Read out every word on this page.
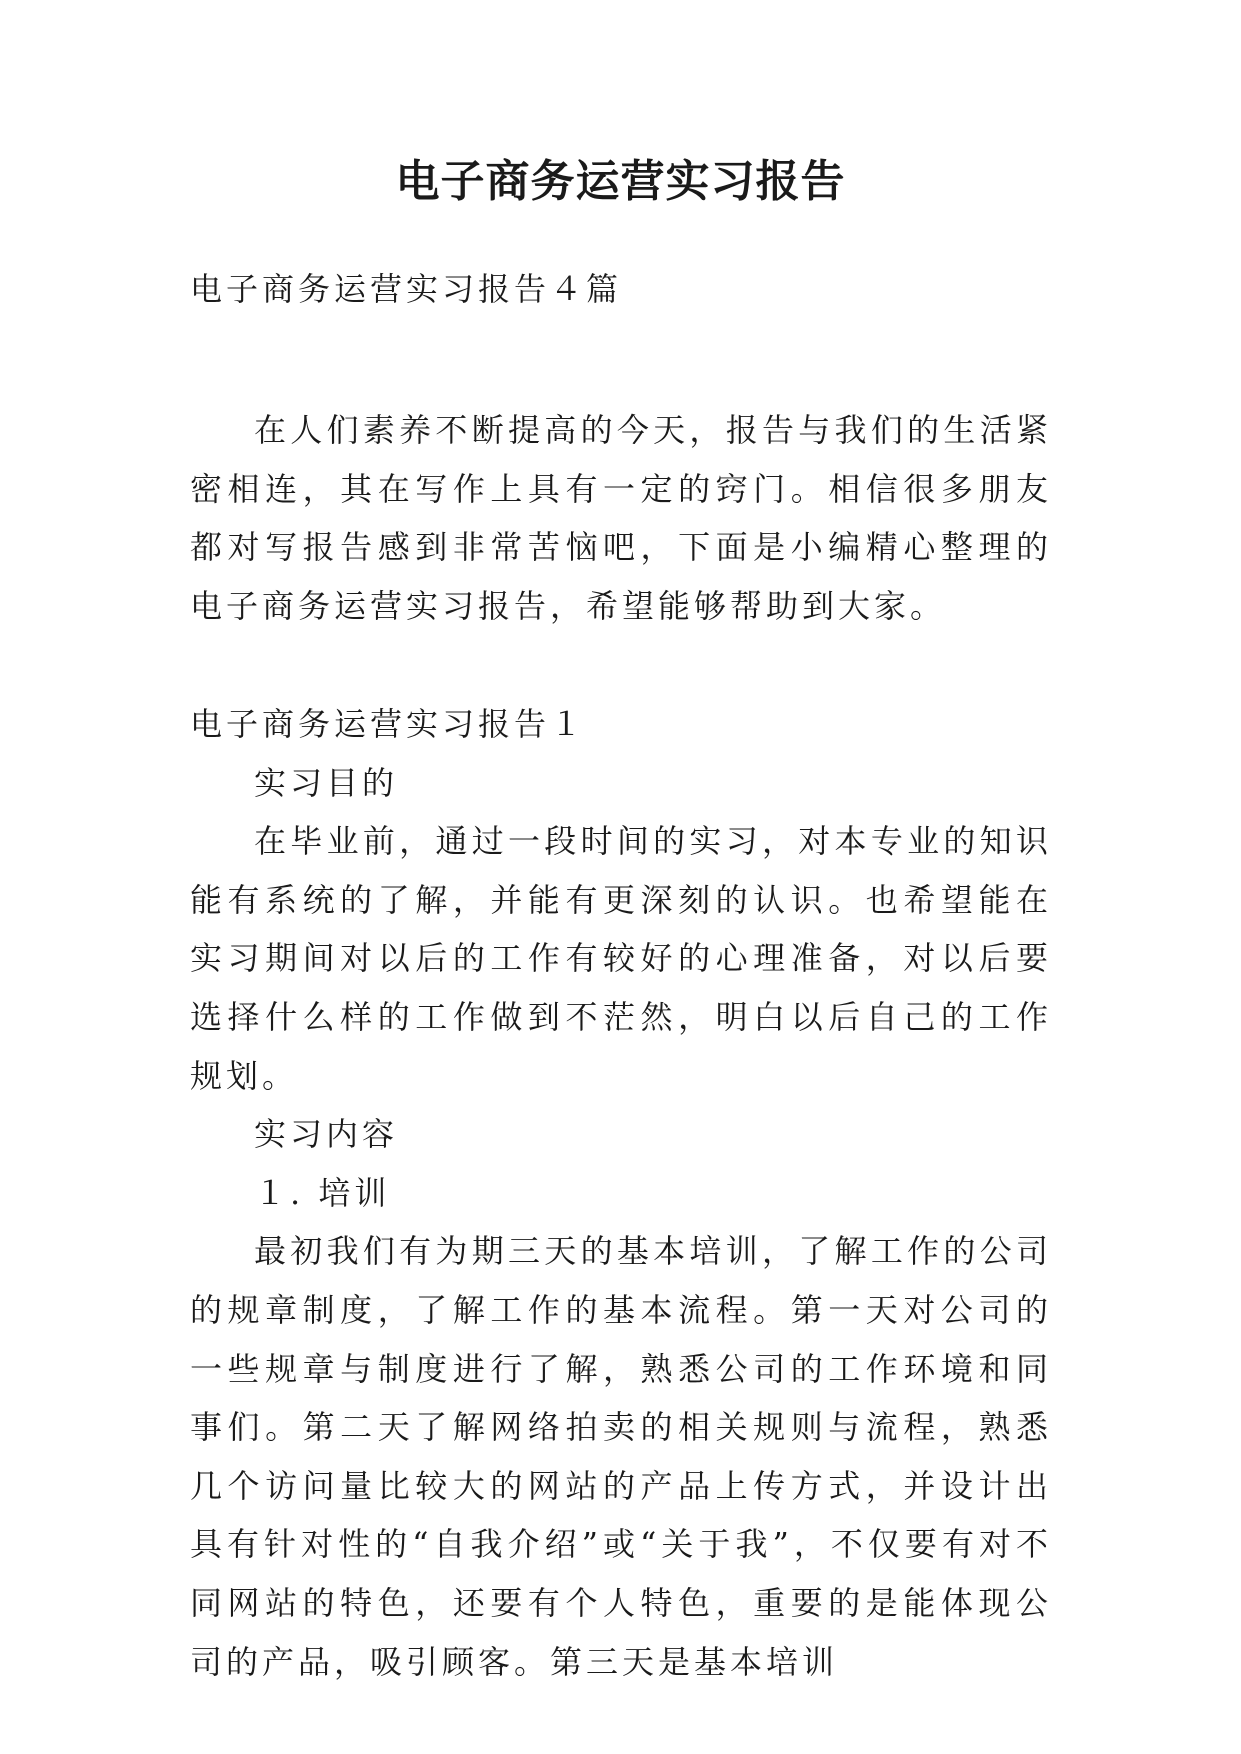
电子商务运营实习报告
电子商务运营实习报告４篇

在人们素养不断提高的今天，报告与我们的生活紧密相连，其在写作上具有一定的窍门。相信很多朋友都对写报告感到非常苦恼吧，下面是小编精心整理的电子商务运营实习报告，希望能够帮助到大家。

电子商务运营实习报告１

实习目的

在毕业前，通过一段时间的实习，对本专业的知识能有系统的了解，并能有更深刻的认识。也希望能在实习期间对以后的工作有较好的心理准备，对以后要选择什么样的工作做到不茫然，明白以后自己的工作规划。

实习内容

１. 培训

最初我们有为期三天的基本培训，了解工作的公司的规章制度，了解工作的基本流程。第一天对公司的一些规章与制度进行了解，熟悉公司的工作环境和同事们。第二天了解网络拍卖的相关规则与流程，熟悉几个访问量比较大的网站的产品上传方式，并设计出具有针对性的“自我介绍”或“关于我”，不仅要有对不同网站的特色，还要有个人特色，重要的是能体现公司的产品，吸引顾客。第三天是基本培训
